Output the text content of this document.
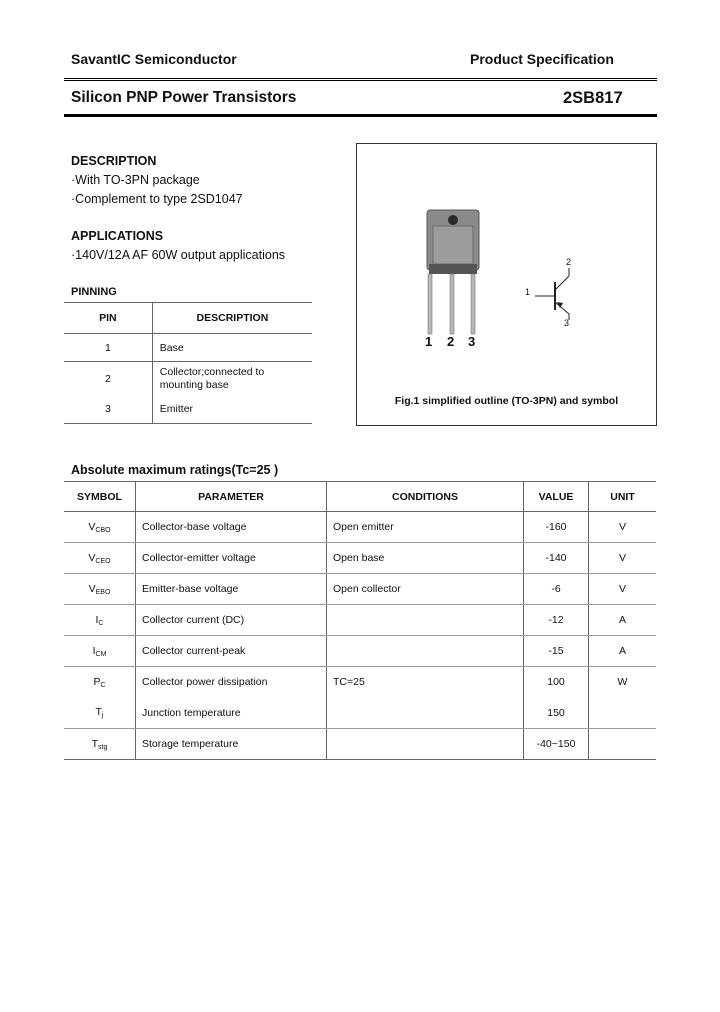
SavantIC Semiconductor	Product Specification
Silicon PNP Power Transistors	2SB817
DESCRIPTION
·With TO-3PN package
·Complement to type 2SD1047
APPLICATIONS
·140V/12A AF 60W output applications
PINNING
PIN	DESCRIPTION
1	Base
2	Collector;connected to mounting base

3	Emitter
1 2 3
1
2
3
Fig.1 simplified outline (TO-3PN) and symbol
Absolute maximum ratings(Tc=25 )
SYMBOL	PARAMETER	CONDITIONS	VALUE	UNIT
$V_{CBO}$	Collector-base voltage	Open emitter	-160	V
$V_{CEO}$	Collector-emitter voltage	Open base	-140	V
$V_{EBO}$	Emitter-base voltage	Open collector	-6	V
$I_C$	Collector current (DC)		-12	A
$I_{CM}$	Collector current-peak		-15	A
$P_C$	Collector power dissipation	TC=25	100	W
$T_j$	Junction temperature		150	
$T_{stg}$	Storage temperature		-40~150	
